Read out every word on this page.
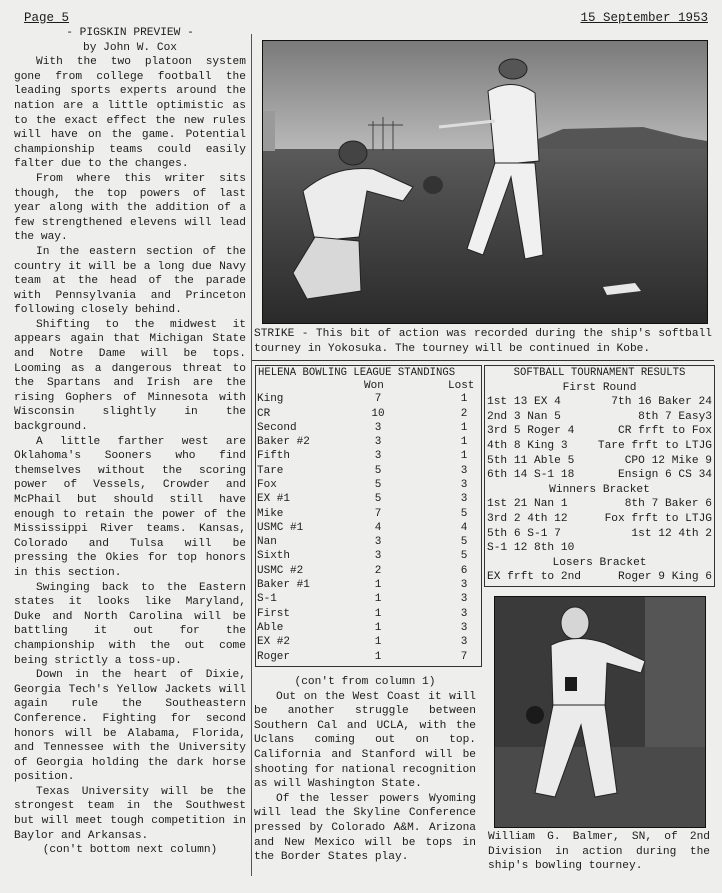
Page 5	15 September 1953
- PIGSKIN PREVIEW -
by John W. Cox

With the two platoon system gone from college football the leading sports experts around the nation are a little optimistic as to the exact effect the new rules will have on the game. Potential championship teams could easily falter due to the changes.

From where this writer sits though, the top powers of last year along with the addition of a few strengthened elevens will lead the way.

In the eastern section of the country it will be a long due Navy team at the head of the parade with Pennsylvania and Princeton following closely behind.

Shifting to the midwest it appears again that Michigan State and Notre Dame will be tops. Looming as a dangerous threat to the Spartans and Irish are the rising Gophers of Minnesota with Wisconsin slightly in the background.

A little farther west are Oklahoma's Sooners who find themselves without the scoring power of Vessels, Crowder and McPhail but should still have enough to retain the power of the Mississippi River teams. Kansas, Colorado and Tulsa will be pressing the Okies for top honors in this section.

Swinging back to the Eastern states it looks like Maryland, Duke and North Carolina will be battling it out for the championship with the out come being strictly a toss-up.

Down in the heart of Dixie, Georgia Tech's Yellow Jackets will again rule the Southeastern Conference. Fighting for second honors will be Alabama, Florida, and Tennessee with the University of Georgia holding the dark horse position.

Texas University will be the strongest team in the Southwest but will meet tough competition in Baylor and Arkansas.

(con't bottom next column)
STRIKE - This bit of action was recorded during the ship's softball tourney in Yokosuka. The tourney will be continued in Kobe.
HELENA BOWLING LEAGUE STANDINGS
Won	Lost
King	7	1
CR	10	2
Second	3	1
Baker #2	3	1
Fifth	3	1
Tare	5	3
Fox	5	3
EX #1	5	3
Mike	7	5
USMC #1	4	4
Nan	3	5
Sixth	3	5
USMC #2	2	6
Baker #1	1	3
S-1	1	3
First	1	3
Able	1	3
EX #2	1	3
Roger	1	7
SOFTBALL TOURNAMENT RESULTS
First Round
1st 13 EX 4	7th 16 Baker 24
2nd 3 Nan 5	8th 7 Easy3
3rd 5 Roger 4	CR frft to Fox
4th 8 King 3	Tare frft to LTJG
5th 11 Able 5	CPO 12 Mike 9
6th 14 S-1 18	Ensign 6 CS 34
Winners Bracket
1st 21 Nan 1	8th 7 Baker 6
3rd 2 4th 12	Fox frft to LTJG
5th 6 S-1 7	1st 12 4th 2
S-1 12 8th 10
Losers Bracket
EX frft to 2nd	Roger 9 King 6
(con't from column 1)

Out on the West Coast it will be another struggle between Southern Cal and UCLA, with the Uclans coming out on top. California and Stanford will be shooting for national recognition as will Washington State.

Of the lesser powers Wyoming will lead the Skyline Conference pressed by Colorado A&M. Arizona and New Mexico will be tops in the Border States play.

William G. Balmer, SN, of 2nd Division in action during the ship's bowling tourney.
